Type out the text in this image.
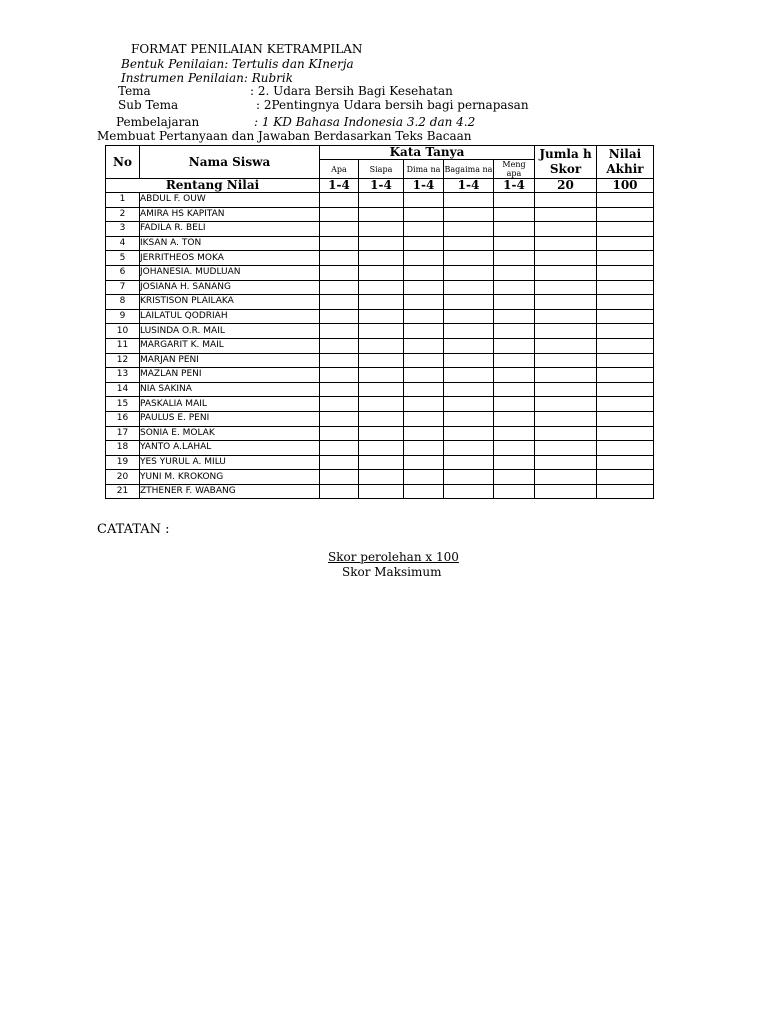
FORMAT PENILAIAN KETRAMPILAN
Bentuk Penilaian: Tertulis dan KInerja
Instrumen Penilaian: Rubrik
Tema	: 2. Udara Bersih Bagi Kesehatan
Sub Tema	: 2Pentingnya Udara bersih bagi pernapasan
Pembelajaran	: 1 KD Bahasa Indonesia 3.2 dan 4.2
Membuat Pertanyaan dan Jawaban Berdasarkan Teks Bacaan
No	Nama Siswa	Kata Tanya					Jumla h Skor	Nilai Akhir
		Apa	Siapa	Dima na	Bagaima na	Meng apa		
Rentang Nilai		1-4	1-4	1-4	1-4	1-4	20	100
1	ABDUL F. OUW							
2	AMIRA HS KAPITAN							
3	FADILA R. BELI							
4	IKSAN A. TON							
5	JERRITHEOS MOKA							
6	JOHANESIA. MUDLUAN							
7	JOSIANA H. SANANG							
8	KRISTISON PLAILAKA							
9	LAILATUL QODRIAH							
10	LUSINDA O.R. MAIL							
11	MARGARIT K. MAIL							
12	MARJAN PENI							
13	MAZLAN PENI							
14	NIA SAKINA							
15	PASKALIA MAIL							
16	PAULUS E. PENI							
17	SONIA E. MOLAK							
18	YANTO A.LAHAL							
19	YES YURUL A. MILU							
20	YUNI M. KROKONG							
21	ZTHENER F. WABANG							
CATATAN :
Skor perolehan x 100
Skor Maksimum
